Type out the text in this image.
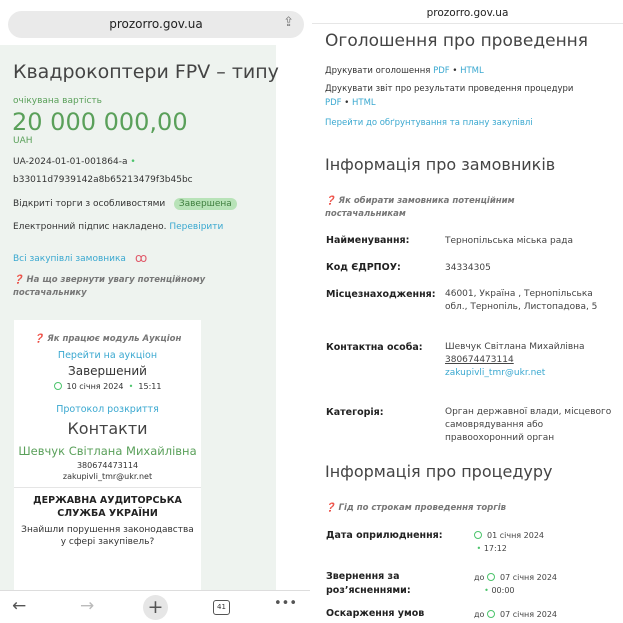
prozorro.gov.ua	⇪
Квадрокоптери FPV – типу
очікувана вартість
20 000 000,00
UAH
UA-2024-01-01-001864-a •
b33011d7939142a8b65213479f3b45bc
Відкриті торги з особливостями Завершена
Електронний підпис накладено. Перевірити
Всі закупівлі замовника ꝏ
❓ На що звернути увагу потенційному постачальнику
❓ Як працює модуль Аукціон
Перейти на аукціон
Завершений
10 січня 2024 • 15:11
Протокол розкриття
Контакти
Шевчук Світлана Михайлівна
380674473114
zakupivli_tmr@ukr.net
ДЕРЖАВНА АУДИТОРСЬКА СЛУЖБА УКРАЇНИ
Знайшли порушення законодавства у сфері закупівель?
←	→	+	41	•••
prozorro.gov.ua
Оголошення про проведення
Друкувати оголошення PDF • HTML
Друкувати звіт про результати проведення процедури
PDF • HTML
Перейти до обґрунтування та плану закупівлі
Інформація про замовників
❓ Як обирати замовника потенційним постачальникам
Найменування:	Тернопільська міська рада
Код ЄДРПОУ:	34334305
Місцезнаходження: 46001, Україна , Тернопільська обл., Тернопіль, Листопадова, 5
Контактна особа: Шевчук Світлана Михайлівна
380674473114
zakupivli_tmr@ukr.net
Категорія:	Орган державної влади, місцевого самоврядування або правоохоронний орган
Інформація про процедуру
❓ Гід по строкам проведення торгів
Дата оприлюднення:	01 січня 2024
• 17:12
Звернення за роз’ясненнями:
до 07 січня 2024
• 00:00
Оскарження умов	до 07 січня 2024
